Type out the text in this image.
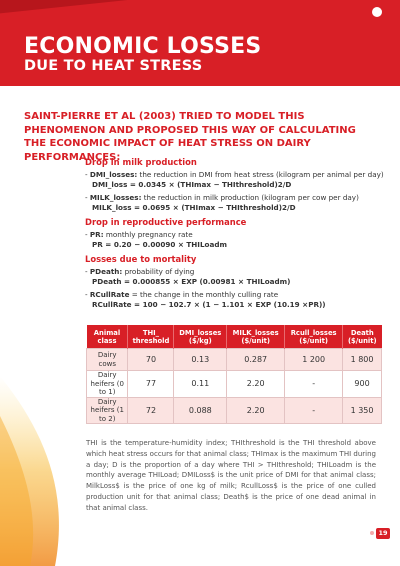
ECONOMIC LOSSES
DUE TO HEAT STRESS
SAINT-PIERRE ET AL (2003) TRIED TO MODEL THIS PHENOMENON AND PROPOSED THIS WAY OF CALCULATING THE ECONOMIC IMPACT OF HEAT STRESS ON DAIRY PERFORMANCES:
Drop in milk production
- DMI_losses: the reduction in DMI from heat stress (kilogram per animal per day)
DMI_loss = 0.0345 × (THImax − THIthreshold)2/D
- MILK_losses: the reduction in milk production (kilogram per cow per day)
MILK_loss = 0.0695 × (THImax − THIthreshold)2/D
Drop in reproductive performance
- PR: monthly pregnancy rate
PR = 0.20 − 0.00090 × THILoadm
Losses due to mortality
- PDeath: probability of dying
PDeath = 0.000855 × EXP (0.00981 × THILoadm)
- RCullRate = the change in the monthly culling rate
RCullRate = 100 − 102.7 × (1 − 1.101 × EXP (10.19 ×PR))
Animal class	THI_ threshold	DMI_losses ($/kg)	MILK_losses ($/unit)	Rcull_losses ($/unit)	Death ($/unit)
Dairy cows	70	0.13	0.287	1 200	1 800
Dairy heifers (0 to 1)	77	0.11	2.20	-	900
Dairy heifers (1 to 2)	72	0.088	2.20	-	1 350
THI is the temperature-humidity index; THIthreshold is the THI threshold above which heat stress occurs for that animal class; THImax is the maximum THI during a day; D is the proportion of a day where THI > THIthreshold; THILoadm is the monthly average THILoad; DMILoss$ is the unit price of DMI for that animal class; MilkLoss$ is the price of one kg of milk; RcullLoss$ is the price of one culled production unit for that animal class; Death$ is the price of one dead animal in that animal class.
19
